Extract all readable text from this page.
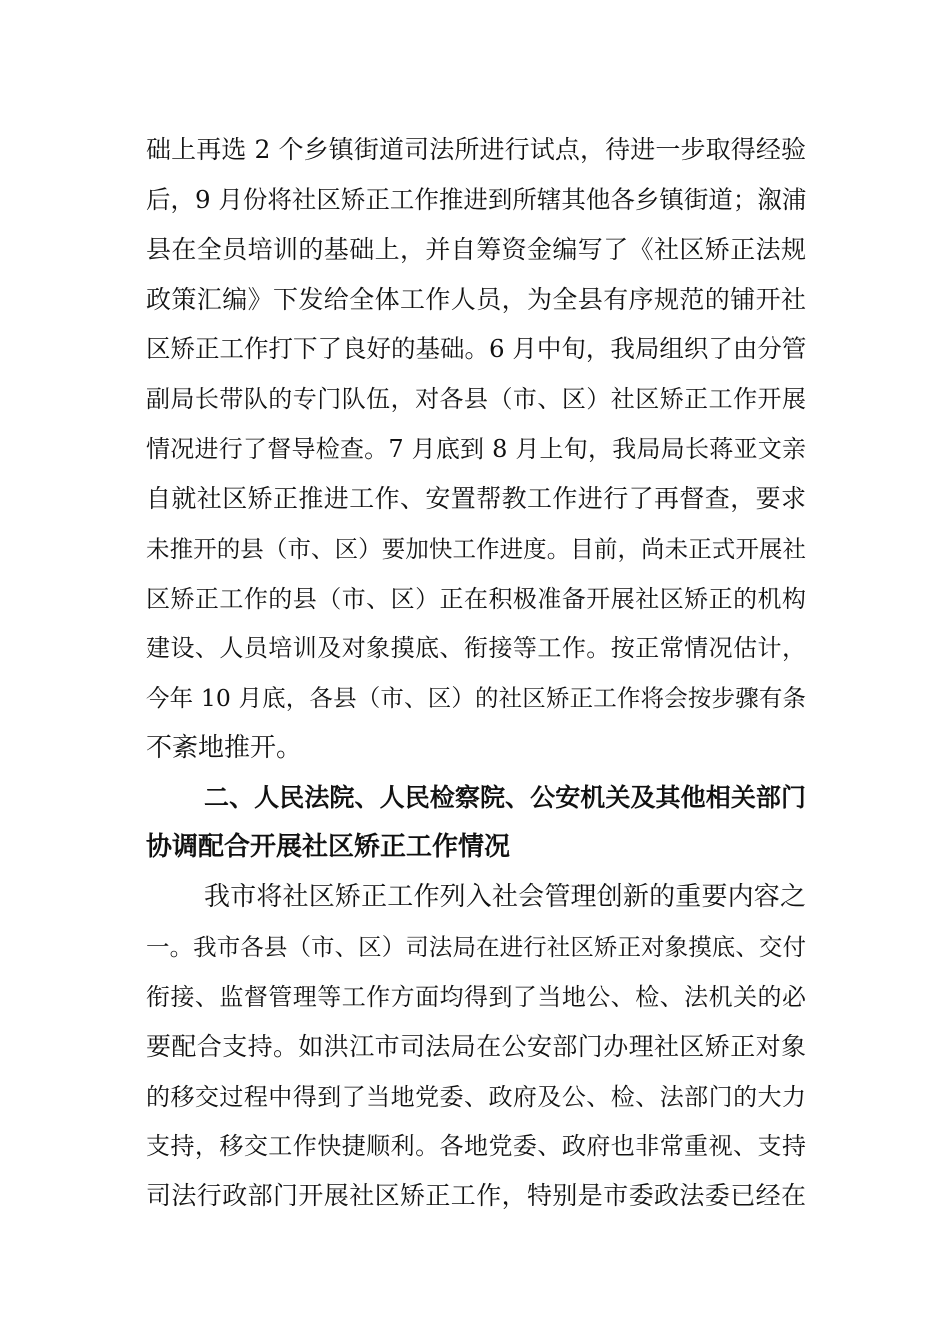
础上再选 2 个乡镇街道司法所进行试点，待进一步取得经验
后，9 月份将社区矫正工作推进到所辖其他各乡镇街道；溆浦
县在全员培训的基础上，并自筹资金编写了《社区矫正法规
政策汇编》下发给全体工作人员，为全县有序规范的铺开社
区矫正工作打下了良好的基础。6 月中旬，我局组织了由分管
副局长带队的专门队伍，对各县（市、区）社区矫正工作开展
情况进行了督导检查。7 月底到 8 月上旬，我局局长蒋亚文亲
自就社区矫正推进工作、安置帮教工作进行了再督查，要求
未推开的县（市、区）要加快工作进度。目前，尚未正式开展社
区矫正工作的县（市、区）正在积极准备开展社区矫正的机构
建设、人员培训及对象摸底、衔接等工作。按正常情况估计，
今年 10 月底，各县（市、区）的社区矫正工作将会按步骤有条
不紊地推开。
二、人民法院、人民检察院、公安机关及其他相关部门
协调配合开展社区矫正工作情况
我市将社区矫正工作列入社会管理创新的重要内容之
一。我市各县（市、区）司法局在进行社区矫正对象摸底、交付
衔接、监督管理等工作方面均得到了当地公、检、法机关的必
要配合支持。如洪江市司法局在公安部门办理社区矫正对象
的移交过程中得到了当地党委、政府及公、检、法部门的大力
支持，移交工作快捷顺利。各地党委、政府也非常重视、支持
司法行政部门开展社区矫正工作，特别是市委政法委已经在
